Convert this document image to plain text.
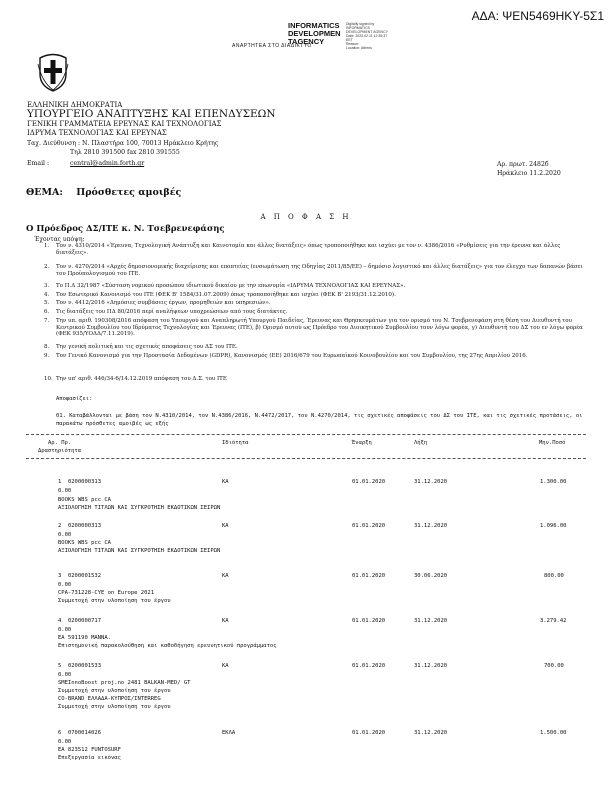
ΑΔΑ: ΨΕΝ5469ΗΚΥ-5Σ1
INFORMATICS
DEVELOPMEN
TAGENCY
Digitally signed by
INFORMATICS
DEVELOPMENT AGENCY
Date: 2020.02.11 12:35:37
EET
Reason:
Location: Athens
ΑΝΑΡΤΗΤΕΑ ΣΤΟ ΔΙΑΔΙΚΤΥΟ
ΕΛΛΗΝΙΚΗ ΔΗΜΟΚΡΑΤΙΑ
ΥΠΟΥΡΓΕΙΟ ΑΝΑΠΤΥΞΗΣ ΚΑΙ ΕΠΕΝΔΥΣΕΩΝ
ΓΕΝΙΚΗ ΓΡΑΜΜΑΤΕΙΑ ΕΡΕΥΝΑΣ ΚΑΙ ΤΕΧΝΟΛΟΓΙΑΣ
ΙΔΡΥΜΑ ΤΕΧΝΟΛΟΓΙΑΣ ΚΑΙ ΕΡΕΥΝΑΣ
Ταχ. Διεύθυνση : Ν. Πλαστήρα 100, 70013 Ηράκλειο Κρήτης
Τηλ 2810 391500 fax 2810 391555
Email :	central@admin.forth.gr	Αρ. πρωτ. 2482б
Ηράκλειο 11.2.2020
ΘΕΜΑ: Πρόσθετες αμοιβές
Α Π Ο Φ Α Σ Η
Ο Πρόεδρος ΔΣ/ΙΤΕ κ. Ν. Τσεβρενεφάσης
Έχοντας υπόψη:
1. Τον ν. 4310/2014 «Έρευνα, Τεχνολογική Ανάπτυξη και Καινοτομία και άλλες διατάξεις» όπως τροποποιήθηκε και ισχύει με τον ν. 4386/2016 «Ρυθμίσεις για την έρευνα και άλλες διατάξεις».
2. Τον ν. 4270/2014 «Αρχές δημοσιονομικής διαχείρισης και εποπτείας (ενσωμάτωση της Οδηγίας 2011/85/ΕΕ) – δημόσιο λογιστικό και άλλες διατάξεις» για τον έλεγχο των δαπανών βάσει του Προϋπολογισμού του ΙΤΕ.
3. Το Π.Δ 32/1987 «Σύσταση νομικού προσώπου ιδιωτικού δικαίου με την επωνυμία «ΙΔΡΥΜΑ ΤΕΧΝΟΛΟΓΙΑΣ ΚΑΙ ΕΡΕΥΝΑΣ».
4. Τον Εσωτερικό Κανονισμό του ΙΤΕ (ΦΕΚ Β' 1584/31.07.2009) όπως τροποποιήθηκε και ισχύει (ΦΕΚ Β' 2193/31.12.2010).
5. Τον ν. 4412/2016 «Δημόσιες συμβάσεις έργων, προμηθειών και υπηρεσιών».
6. Τις διατάξεις του ΠΔ 80/2016 περί αναλήψεων υποχρεώσεων από τους διατάκτες.
7. Την υπ. αριθ. 190308/2016 απόφαση του Υπουργού και Αναπληρωτή Υπουργού Παιδείας, Έρευνας και Θρησκευμάτων για τον ορισμό του Ν. Τσεβρενεφάση στη θέση του Διευθυντή του Κεντρικού Συμβουλίου του Ιδρύματος Τεχνολογίας και Έρευνας (ΙΤΕ), β) Ορισμό αυτού ως Πρόεδρο του Διοικητικού Συμβουλίου τουν λόγω φορέα, γ) Διευθυντή του ΔΣ του εν λόγω φορέα (ΦΕΚ 935/ΥΟΔΔ/7.11.2019).
8. Την γενική πολιτική και τις σχετικές αποφάσεις του ΔΣ του ΙΤΕ.
9. Τον Γενικό Κανονισμό για την Προστασία Δεδομένων (GDPR), Κανονισμός (ΕΕ) 2016/679 του Ευρωπαϊκού Κοινοβουλίου και του Συμβουλίου, της 27ης Απριλίου 2016.
10. Την υπ' αριθ. 446/34-6/14.12.2019 απόφαση του Δ.Σ. του ΙΤΕ
Αποφασίζει:
01. Καταβάλλονται με βάση τον Ν.4310/2014, τον Ν.4386/2016, Ν.4472/2017, τον Ν.4270/2014, τις σχετικές αποφάσεις του ΔΣ του ΙΤΕ, και τις σχετικές προτάσεις, οι παρακάτω πρόσθετες αμοιβές ως εξής
Αρ. Πρ.	Ιδιότητα	Έναρξη	Λήξη	Μην.Ποσό
Δραστηριότητα
1 0200000313	ΚΑ	01.01.2020	31.12.2020	1.300.00
0.00
BOOKS WBS pcc CA
ΑΞΙΟΛΟΓΗΣΗ ΤΙΤΛΩΝ ΚΑΙ ΣΥΓΚΡΟΤΗΣΗ ΕΚΔΟΤΙΚΩΝ ΣΕΙΡΩΝ
2 0200000313	ΚΑ	01.01.2020	31.12.2020	1.096.00
0.00
BOOKS WBS pcc CA
ΑΞΙΟΛΟΓΗΣΗ ΤΙΤΛΩΝ ΚΑΙ ΣΥΓΚΡΟΤΗΣΗ ΕΚΔΟΤΙΚΩΝ ΣΕΙΡΩΝ
3 0200001532	ΚΑ	01.01.2020	30.06.2020	800.00
0.00
CPA-731228-CYE on Europe 2021
Συμμετοχή στην υλοποίηση του έργου
4 0200000717	ΚΑ	01.01.2020	31.12.2020	3.279.42
0.00
ΕΑ 591190 MANNA.
Επιστημονική παρακολούθηση και καθοδήγηση ερευνητικού προγράμματος
5 0200001533	ΚΑ	01.01.2020	31.12.2020	700.00
0.00
SMEInnoBoost proj.no 2481 BALKAN-MED/ GT
Συμμετοχή στην υλοποίηση του έργου
CO-BRAND ΕΛΛΑΔΑ-ΚΥΠΡΟΣ/INTERREG
Συμμετοχή στην υλοποίηση του έργου
6 0700014026	ΕΚΛΑ	01.01.2020	31.12.2020	1.500.00
0.00
ΕΑ 823512 FUNTOSURF
Επεξεργασία εικόνας
